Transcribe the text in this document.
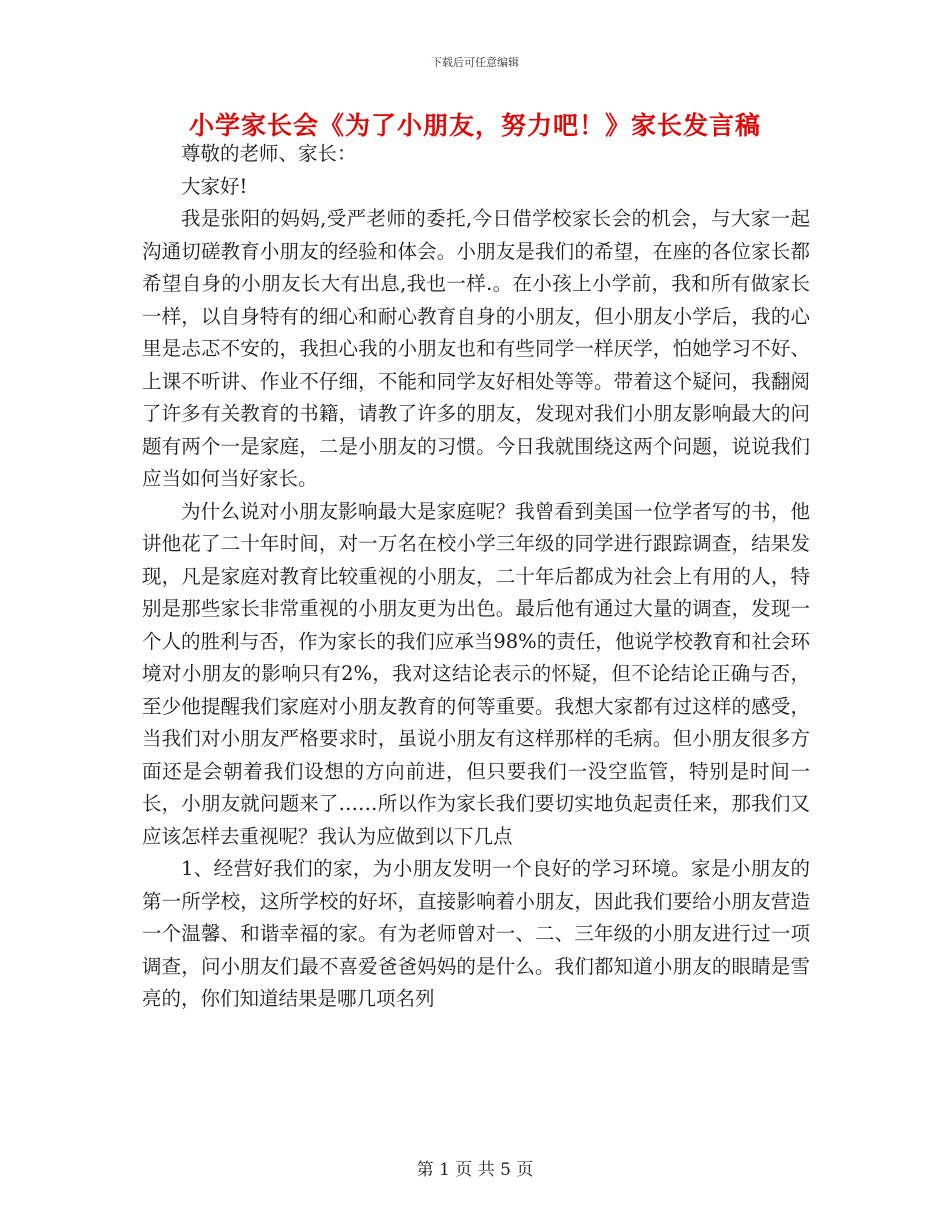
下载后可任意编辑
小学家长会《为了小朋友，努力吧！》家长发言稿

尊敬的老师、家长：

大家好!

我是张阳的妈妈,受严老师的委托,今日借学校家长会的机会，与大家一起沟通切磋教育小朋友的经验和体会。小朋友是我们的希望，在座的各位家长都希望自身的小朋友长大有出息,我也一样.。在小孩上小学前，我和所有做家长一样，以自身特有的细心和耐心教育自身的小朋友，但小朋友小学后，我的心里是忐忑不安的，我担心我的小朋友也和有些同学一样厌学，怕她学习不好、上课不听讲、作业不仔细，不能和同学友好相处等等。带着这个疑问，我翻阅了许多有关教育的书籍，请教了许多的朋友，发现对我们小朋友影响最大的问题有两个一是家庭，二是小朋友的习惯。今日我就围绕这两个问题，说说我们应当如何当好家长。

为什么说对小朋友影响最大是家庭呢？我曾看到美国一位学者写的书，他讲他花了二十年时间，对一万名在校小学三年级的同学进行跟踪调查，结果发现，凡是家庭对教育比较重视的小朋友，二十年后都成为社会上有用的人，特别是那些家长非常重视的小朋友更为出色。最后他有通过大量的调查，发现一个人的胜利与否，作为家长的我们应承当98%的责任，他说学校教育和社会环境对小朋友的影响只有2%，我对这结论表示的怀疑，但不论结论正确与否，至少他提醒我们家庭对小朋友教育的何等重要。我想大家都有过这样的感受，当我们对小朋友严格要求时，虽说小朋友有这样那样的毛病。但小朋友很多方面还是会朝着我们设想的方向前进，但只要我们一没空监管，特别是时间一长，小朋友就问题来了……所以作为家长我们要切实地负起责任来，那我们又应该怎样去重视呢？我认为应做到以下几点

1、经营好我们的家，为小朋友发明一个良好的学习环境。家是小朋友的第一所学校，这所学校的好坏，直接影响着小朋友，因此我们要给小朋友营造一个温馨、和谐幸福的家。有为老师曾对一、二、三年级的小朋友进行过一项调查，问小朋友们最不喜爱爸爸妈妈的是什么。我们都知道小朋友的眼睛是雪亮的，你们知道结果是哪几项名列

第 1 页 共 5 页
